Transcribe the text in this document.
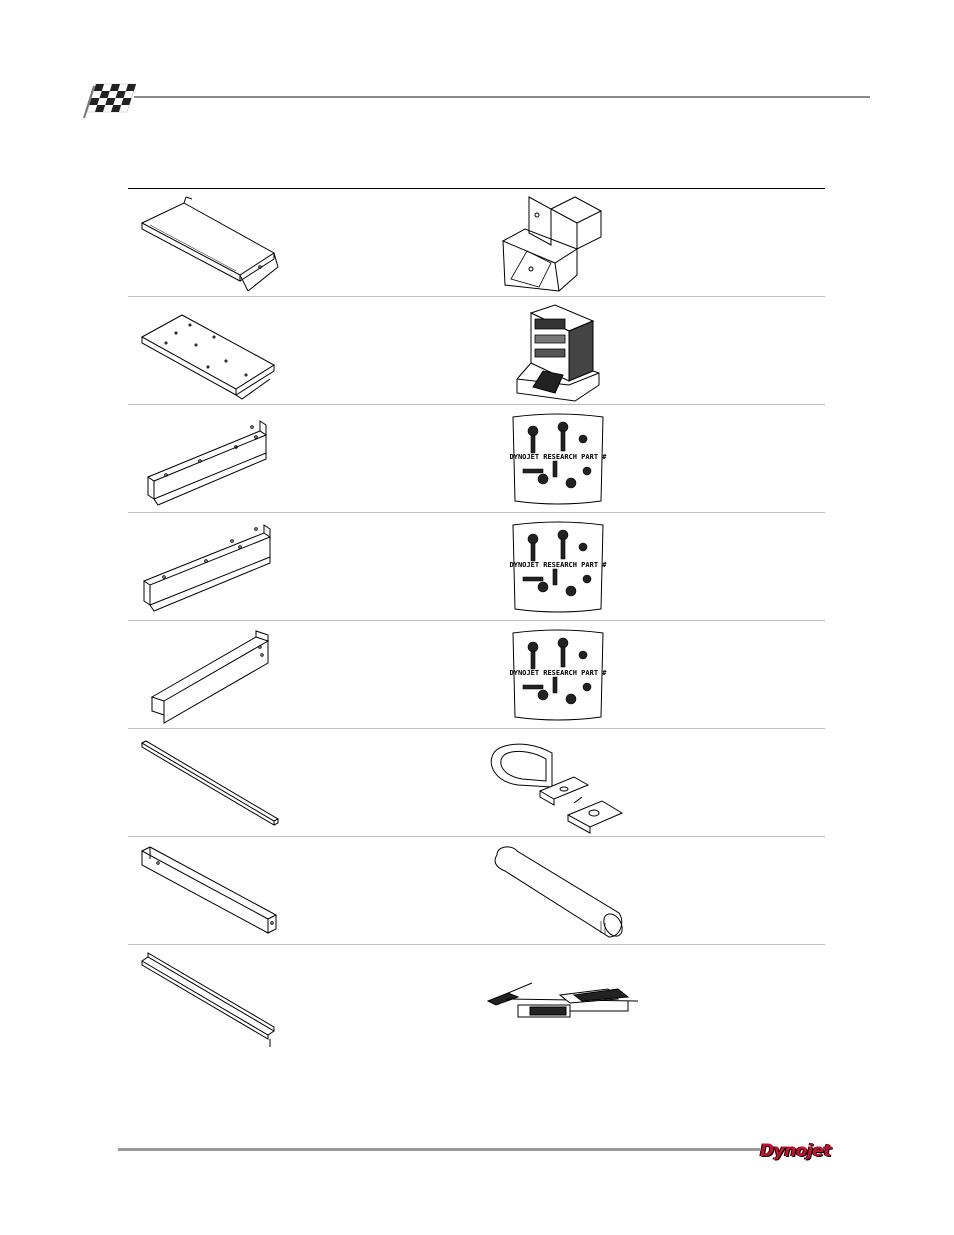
DYNOJET RESEARCH PART #
DYNOJET RESEARCH PART #
DYNOJET RESEARCH PART #
Dynojet
